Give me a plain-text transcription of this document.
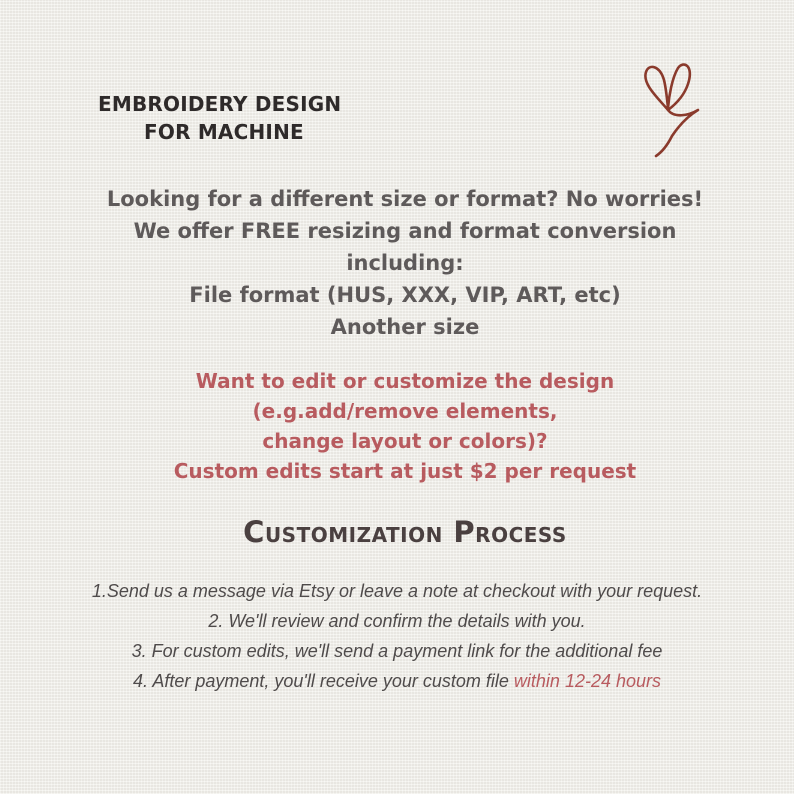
EMBROIDERY DESIGN
FOR MACHINE
Looking for a different size or format? No worries!
We offer FREE resizing and format conversion
including:
File format (HUS, XXX, VIP, ART, etc)
Another size
Want to edit or customize the design
(e.g.add/remove elements,
change layout or colors)?
Custom edits start at just $2 per request
Customization Process
1.Send us a message via Etsy or leave a note at checkout with your request.
2. We'll review and confirm the details with you.
3. For custom edits, we'll send a payment link for the additional fee
4. After payment, you'll receive your custom file within 12-24 hours
